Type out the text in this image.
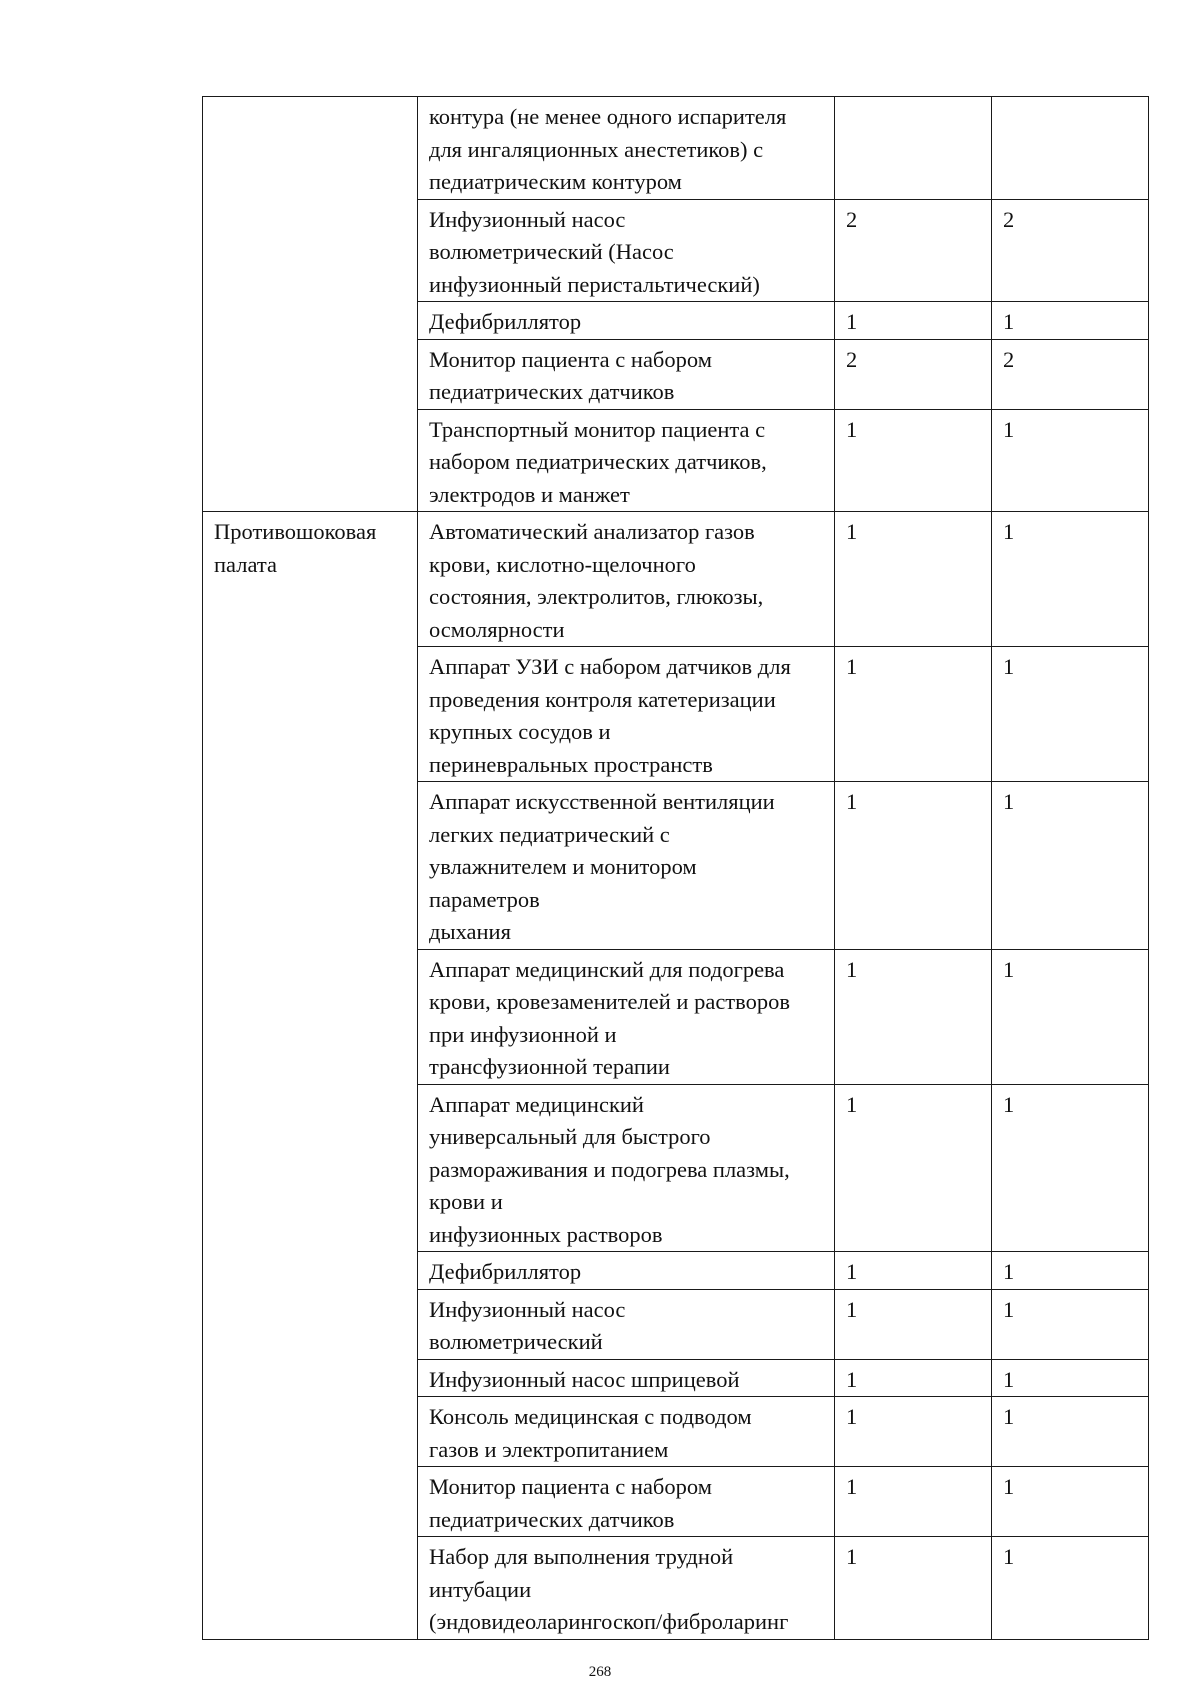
	контура (не менее одного испарителя
для ингаляционных анестетиков) с
педиатрическим контуром		

	Инфузионный насос
волюметрический (Насос
инфузионный перистальтический)	2	2

	Дефибриллятор	1	1

	Монитор пациента с набором
педиатрических датчиков	2	2

	Транспортный монитор пациента с
набором педиатрических датчиков,
электродов и манжет	1	1

Противошоковая
палата	Автоматический анализатор газов
крови, кислотно-щелочного
состояния, электролитов, глюкозы,
осмолярности	1	1

	Аппарат УЗИ с набором датчиков для
проведения контроля катетеризации
крупных сосудов и
периневральных пространств	1	1

	Аппарат искусственной вентиляции
легких педиатрический с
увлажнителем и монитором
параметров
дыхания	1	1

	Аппарат медицинский для подогрева
крови, кровезаменителей и растворов
при инфузионной и
трансфузионной терапии	1	1

	Аппарат медицинский
универсальный для быстрого
размораживания и подогрева плазмы,
крови и
инфузионных растворов	1	1

	Дефибриллятор	1	1

	Инфузионный насос
волюметрический	1	1

	Инфузионный насос шприцевой	1	1

	Консоль медицинская с подводом
газов и электропитанием	1	1

	Монитор пациента с набором
педиатрических датчиков	1	1

	Набор для выполнения трудной
интубации
(эндовидеоларингоскоп/фиброларинг	1	1
268
